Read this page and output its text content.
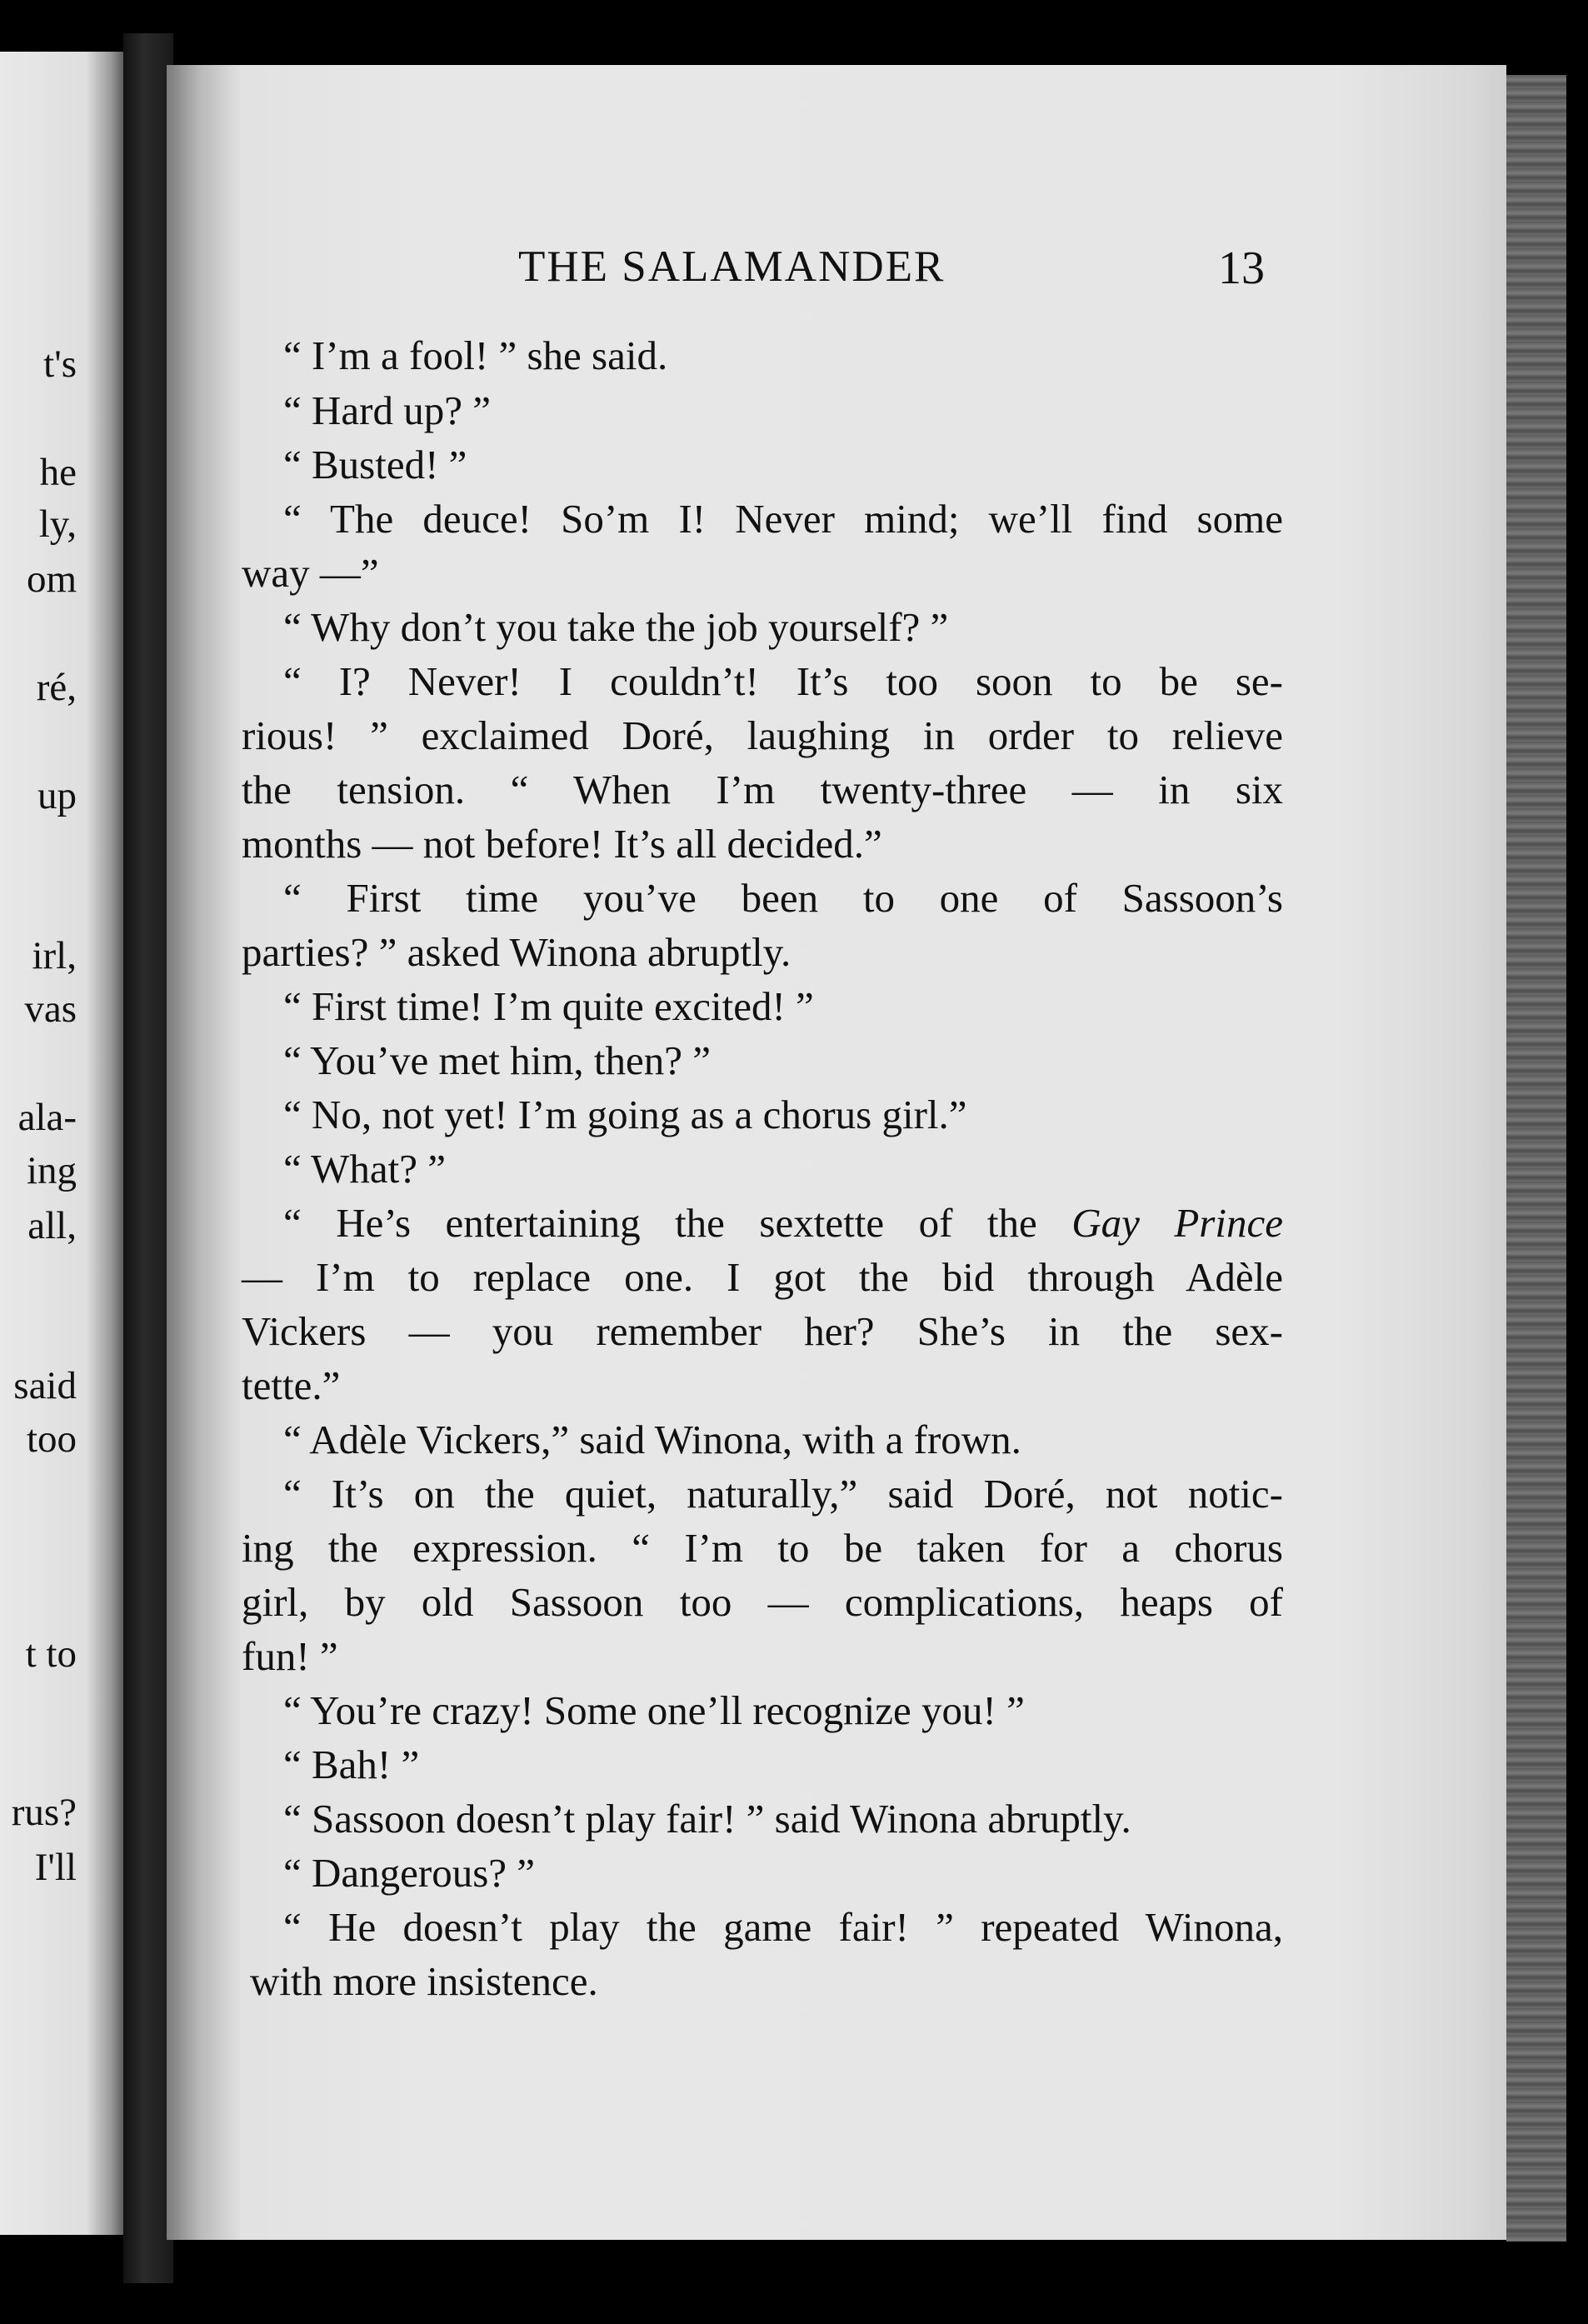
t's
he
ly,
om
ré,
up
irl,
vas
ala-
ing
all,
said
too
t to
rus?
I'll
THE SALAMANDER	13
“ I’m a fool! ” she said.
“ Hard up? ”
“ Busted! ”
“ The deuce! So’m I! Never mind; we’ll find some
way —”
“ Why don’t you take the job yourself? ”
“ I? Never! I couldn’t! It’s too soon to be se-
rious! ” exclaimed Doré, laughing in order to relieve
the tension. “ When I’m twenty-three — in six
months — not before! It’s all decided.”
“ First time you’ve been to one of Sassoon’s
parties? ” asked Winona abruptly.
“ First time! I’m quite excited! ”
“ You’ve met him, then? ”
“ No, not yet! I’m going as a chorus girl.”
“ What? ”
“ He’s entertaining the sextette of the Gay Prince
— I’m to replace one. I got the bid through Adèle
Vickers — you remember her? She’s in the sex-
tette.”
“ Adèle Vickers,” said Winona, with a frown.
“ It’s on the quiet, naturally,” said Doré, not notic-
ing the expression. “ I’m to be taken for a chorus
girl, by old Sassoon too — complications, heaps of
fun! ”
“ You’re crazy! Some one’ll recognize you! ”
“ Bah! ”
“ Sassoon doesn’t play fair! ” said Winona abruptly.
“ Dangerous? ”
“ He doesn’t play the game fair! ” repeated Winona,
with more insistence.
